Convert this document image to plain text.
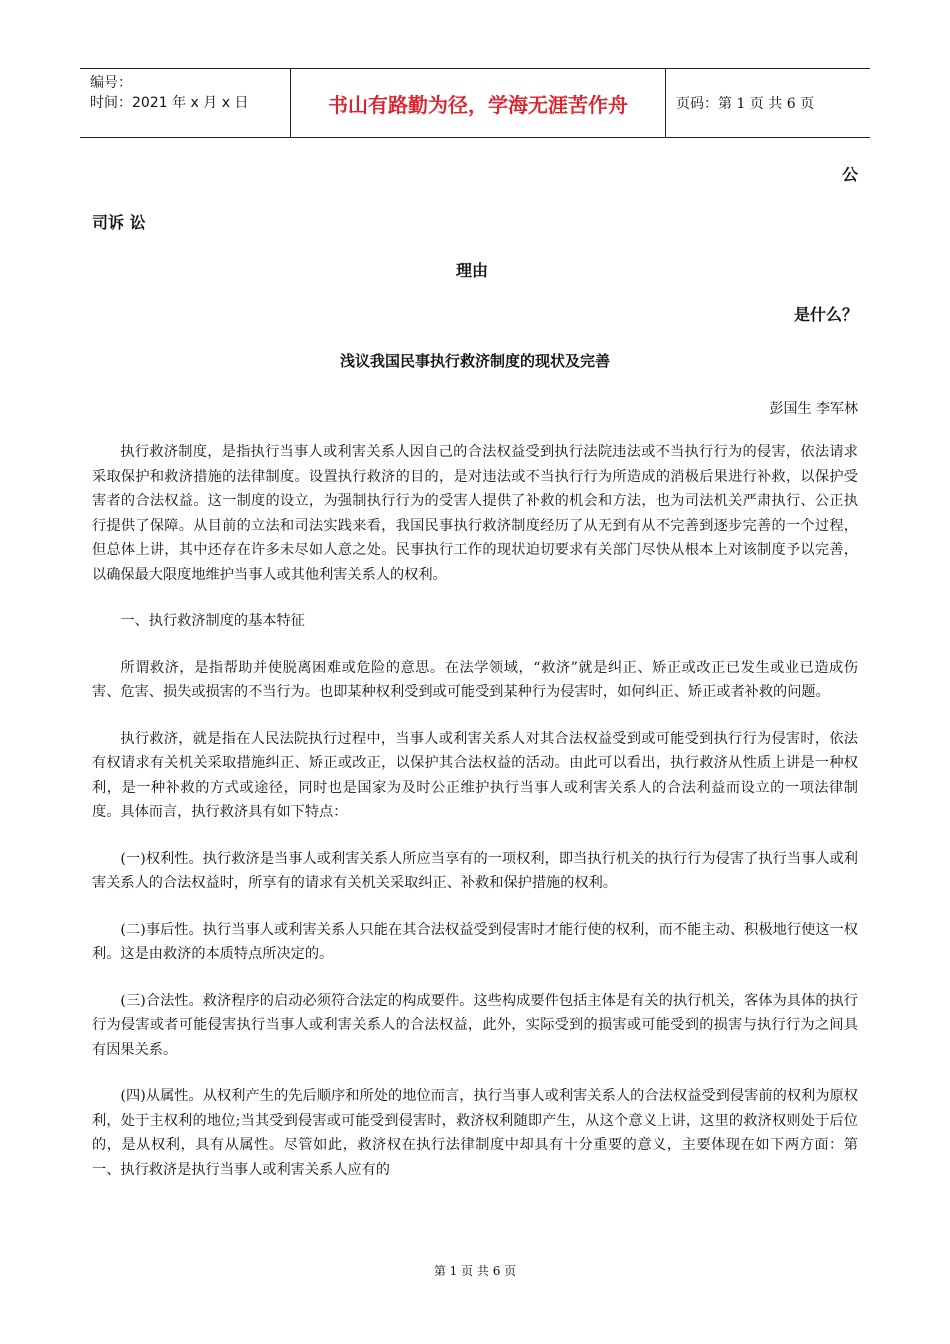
编号：
时间：2021 年 x 月 x 日	书山有路勤为径，学海无涯苦作舟	页码：第 1 页 共 6 页
公
司诉 讼
理由
是什么？
浅议我国民事执行救济制度的现状及完善
彭国生 李军林

执行救济制度，是指执行当事人或利害关系人因自己的合法权益受到执行法院违法或不当执行行为的侵害，依法请求采取保护和救济措施的法律制度。设置执行救济的目的，是对违法或不当执行行为所造成的消极后果进行补救，以保护受害者的合法权益。这一制度的设立，为强制执行行为的受害人提供了补救的机会和方法，也为司法机关严肃执行、公正执行提供了保障。从目前的立法和司法实践来看，我国民事执行救济制度经历了从无到有从不完善到逐步完善的一个过程，但总体上讲，其中还存在许多未尽如人意之处。民事执行工作的现状迫切要求有关部门尽快从根本上对该制度予以完善，以确保最大限度地维护当事人或其他利害关系人的权利。

一、执行救济制度的基本特征

所谓救济，是指帮助并使脱离困难或危险的意思。在法学领域，“救济”就是纠正、矫正或改正已发生或业已造成伤害、危害、损失或损害的不当行为。也即某种权利受到或可能受到某种行为侵害时，如何纠正、矫正或者补救的问题。

执行救济，就是指在人民法院执行过程中，当事人或利害关系人对其合法权益受到或可能受到执行行为侵害时，依法有权请求有关机关采取措施纠正、矫正或改正，以保护其合法权益的活动。由此可以看出，执行救济从性质上讲是一种权利，是一种补救的方式或途径，同时也是国家为及时公正维护执行当事人或利害关系人的合法利益而设立的一项法律制度。具体而言，执行救济具有如下特点：

(一)权利性。执行救济是当事人或利害关系人所应当享有的一项权利，即当执行机关的执行行为侵害了执行当事人或利害关系人的合法权益时，所享有的请求有关机关采取纠正、补救和保护措施的权利。

(二)事后性。执行当事人或利害关系人只能在其合法权益受到侵害时才能行使的权利，而不能主动、积极地行使这一权利。这是由救济的本质特点所决定的。

(三)合法性。救济程序的启动必须符合法定的构成要件。这些构成要件包括主体是有关的执行机关，客体为具体的执行行为侵害或者可能侵害执行当事人或利害关系人的合法权益，此外，实际受到的损害或可能受到的损害与执行行为之间具有因果关系。

(四)从属性。从权利产生的先后顺序和所处的地位而言，执行当事人或利害关系人的合法权益受到侵害前的权利为原权利，处于主权利的地位;当其受到侵害或可能受到侵害时，救济权利随即产生，从这个意义上讲，这里的救济权则处于后位的，是从权利，具有从属性。尽管如此，救济权在执行法律制度中却具有十分重要的意义，主要体现在如下两方面：第一、执行救济是执行当事人或利害关系人应有的

第 1 页 共 6 页
